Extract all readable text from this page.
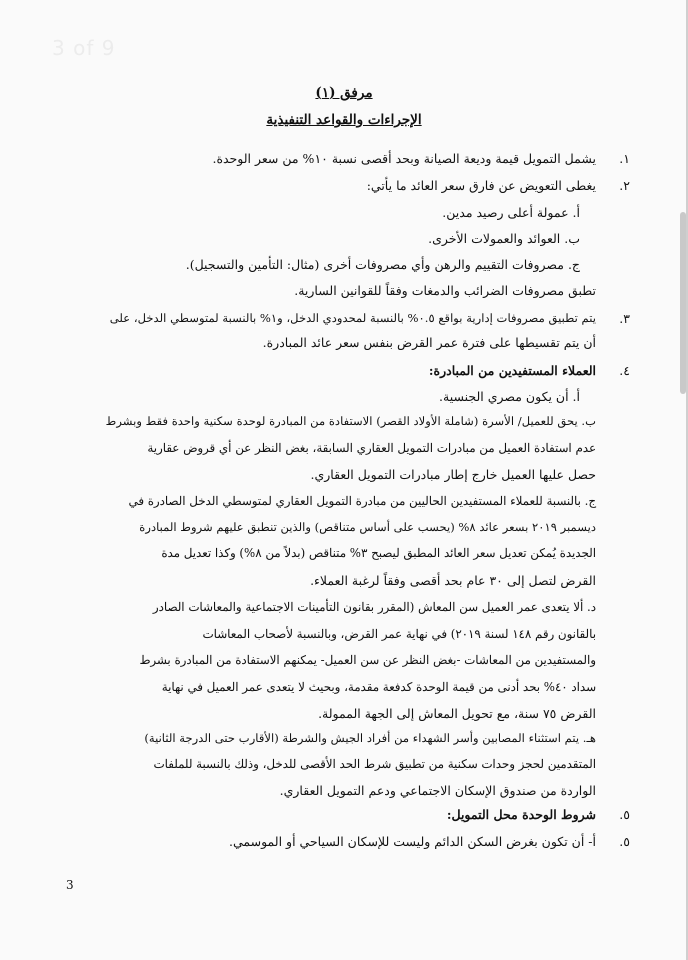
3 of 9
مرفق (١)
الإجراءات والقواعد التنفيذية
١.
٢.
٣.
٤.
٥.
٥.
يشمل التمويل قيمة وديعة الصيانة وبحد أقصى نسبة ١٠% من سعر الوحدة.
يغطى التعويض عن فارق سعر العائد ما يأتي:
أ. عمولة أعلى رصيد مدين.
ب. العوائد والعمولات الأخرى.
ج. مصروفات التقييم والرهن وأي مصروفات أخرى (مثال: التأمين والتسجيل).
تطبق مصروفات الضرائب والدمغات وفقاً للقوانين السارية.
يتم تطبيق مصروفات إدارية بواقع ٠.٥% بالنسبة لمحدودي الدخل، و١% بالنسبة لمتوسطي الدخل، على
أن يتم تقسيطها على فترة عمر القرض بنفس سعر عائد المبادرة.
العملاء المستفيدين من المبادرة:
أ. أن يكون مصري الجنسية.
ب. يحق للعميل/ الأسرة (شاملة الأولاد القصر) الاستفادة من المبادرة لوحدة سكنية واحدة فقط وبشرط
عدم استفادة العميل من مبادرات التمويل العقاري السابقة، بغض النظر عن أي قروض عقارية
حصل عليها العميل خارج إطار مبادرات التمويل العقاري.
ج. بالنسبة للعملاء المستفيدين الحاليين من مبادرة التمويل العقاري لمتوسطي الدخل الصادرة في
ديسمبر ٢٠١٩ بسعر عائد ٨% (يحسب على أساس متناقص) والذين تنطبق عليهم شروط المبادرة
الجديدة يُمكن تعديل سعر العائد المطبق ليصبح ٣% متناقص (بدلاً من ٨%) وكذا تعديل مدة
القرض لتصل إلى ٣٠ عام بحد أقصى وفقاً لرغبة العملاء.
د. ألا يتعدى عمر العميل سن المعاش (المقرر بقانون التأمينات الاجتماعية والمعاشات الصادر
بالقانون رقم ١٤٨ لسنة ٢٠١٩) في نهاية عمر القرض، وبالنسبة لأصحاب المعاشات
والمستفيدين من المعاشات -بغض النظر عن سن العميل- يمكنهم الاستفادة من المبادرة بشرط
سداد ٤٠% بحد أدنى من قيمة الوحدة كدفعة مقدمة، وبحيث لا يتعدى عمر العميل في نهاية
القرض ٧٥ سنة، مع تحويل المعاش إلى الجهة الممولة.
هـ. يتم استثناء المصابين وأسر الشهداء من أفراد الجيش والشرطة (الأقارب حتى الدرجة الثانية)
المتقدمين لحجز وحدات سكنية من تطبيق شرط الحد الأقصى للدخل، وذلك بالنسبة للملفات
الواردة من صندوق الإسكان الاجتماعي ودعم التمويل العقاري.
شروط الوحدة محل التمويل:
أ- أن تكون بغرض السكن الدائم وليست للإسكان السياحي أو الموسمي.
3
